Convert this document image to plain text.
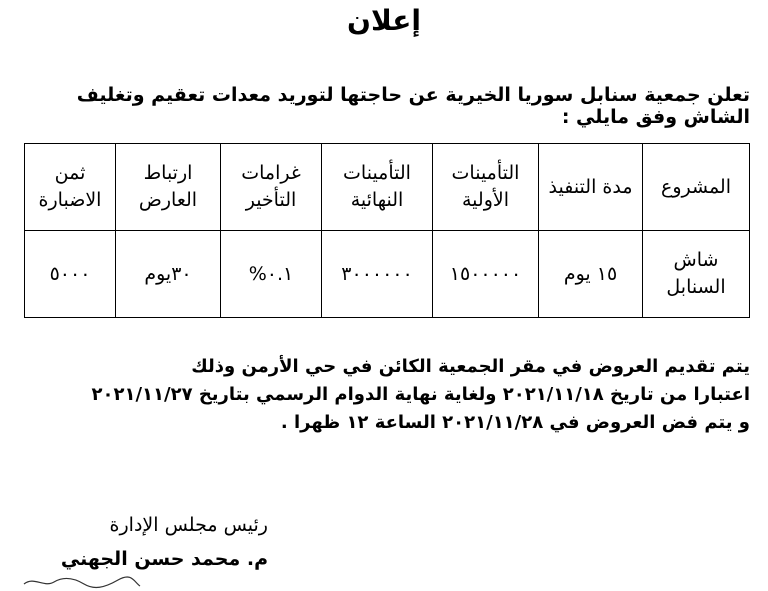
إعلان
تعلن جمعية سنابل سوريا الخيرية عن حاجتها لتوريد معدات تعقيم وتغليف الشاش وفق مايلي :
المشروع	مدة التنفيذ	التأمينات الأولية	التأمينات النهائية	غرامات التأخير	ارتباط العارض	ثمن الاضبارة
شاش السنابل	١٥ يوم	١٥٠٠٠٠٠	٣٠٠٠٠٠٠	٠.١%	٣٠يوم	٥٠٠٠
يتم تقديم العروض في مقر الجمعية الكائن في حي الأرمن وذلك
اعتبارا من تاريخ ٢٠٢١/١١/١٨ ولغاية نهاية الدوام الرسمي بتاريخ ٢٠٢١/١١/٢٧
و يتم فض العروض في ٢٠٢١/١١/٢٨ الساعة ١٢ ظهرا .
رئيس مجلس الإدارة
م. محمد حسن الجهني
